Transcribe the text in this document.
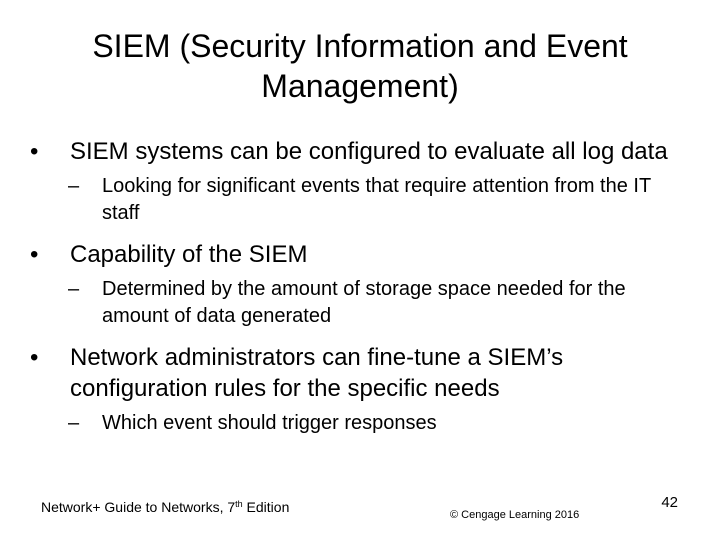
SIEM (Security Information and Event
Management)
•	SIEM systems can be configured to evaluate all log data
– Looking for significant events that require attention from the IT staff
•	Capability of the SIEM
– Determined by the amount of storage space needed for the amount of data generated
•	Network administrators can fine-tune a SIEM’s configuration rules for the specific needs
– Which event should trigger responses
Network+ Guide to Networks, 7th Edition	© Cengage Learning 2016
42
